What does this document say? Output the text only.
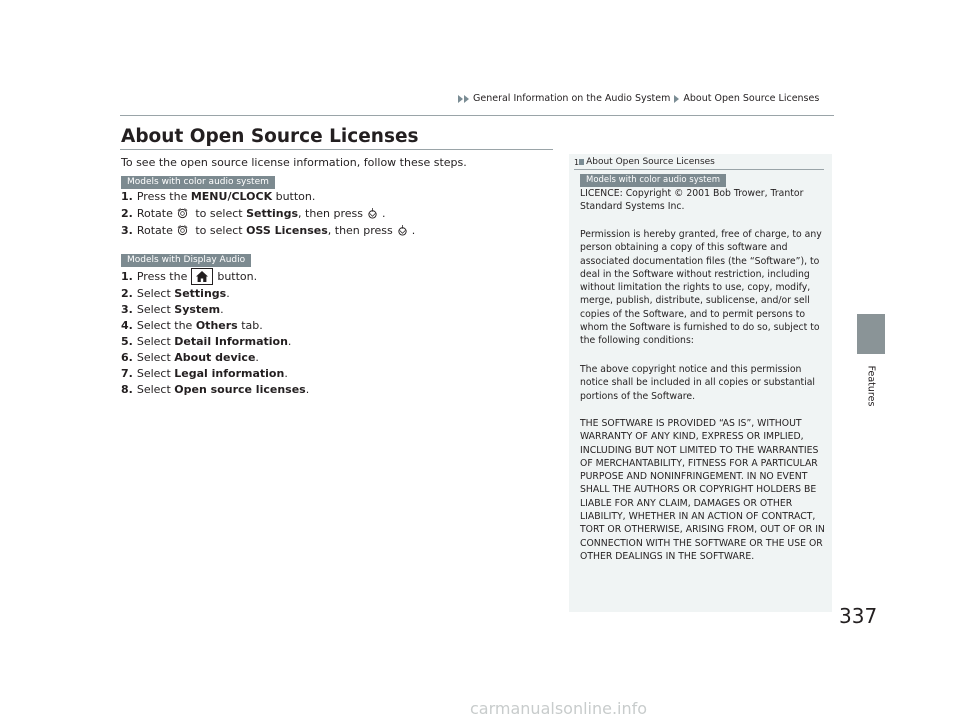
General Information on the Audio System About Open Source Licenses
Features
About Open Source Licenses
To see the open source license information, follow these steps.
Models with color audio system
1. Press the MENU/CLOCK button.
2. Rotate to select Settings , then press .
3. Rotate to select OSS Licenses , then press .
Models with Display Audio
1. Press the	button.
2. Select Settings .
3. Select System .
4. Select the Others tab.
5. Select Detail Information .
6. Select About device .
7. Select Legal information .
8. Select Open source licenses .
1 About Open Source Licenses
Models with color audio system
LICENCE: Copyright © 2001 Bob Trower, Trantor Standard Systems Inc.
Permission is hereby granted, free of charge, to any person obtaining a copy of this software and associated documentation files (the “Software”), to deal in the Software without restriction, including without limitation the rights to use, copy, modify, merge, publish, distribute, sublicense, and/or sell copies of the Software, and to permit persons to whom the Software is furnished to do so, subject to the following conditions:
The above copyright notice and this permission notice shall be included in all copies or substantial portions of the Software.
THE SOFTWARE IS PROVIDED “AS IS”, WITHOUT WARRANTY OF ANY KIND, EXPRESS OR IMPLIED, INCLUDING BUT NOT LIMITED TO THE WARRANTIES OF MERCHANTABILITY, FITNESS FOR A PARTICULAR PURPOSE AND NONINFRINGEMENT. IN NO EVENT SHALL THE AUTHORS OR COPYRIGHT HOLDERS BE LIABLE FOR ANY CLAIM, DAMAGES OR OTHER LIABILITY, WHETHER IN AN ACTION OF CONTRACT, TORT OR OTHERWISE, ARISING FROM, OUT OF OR IN CONNECTION WITH THE SOFTWARE OR THE USE OR OTHER DEALINGS IN THE SOFTWARE.
337
carmanualsonline.info
